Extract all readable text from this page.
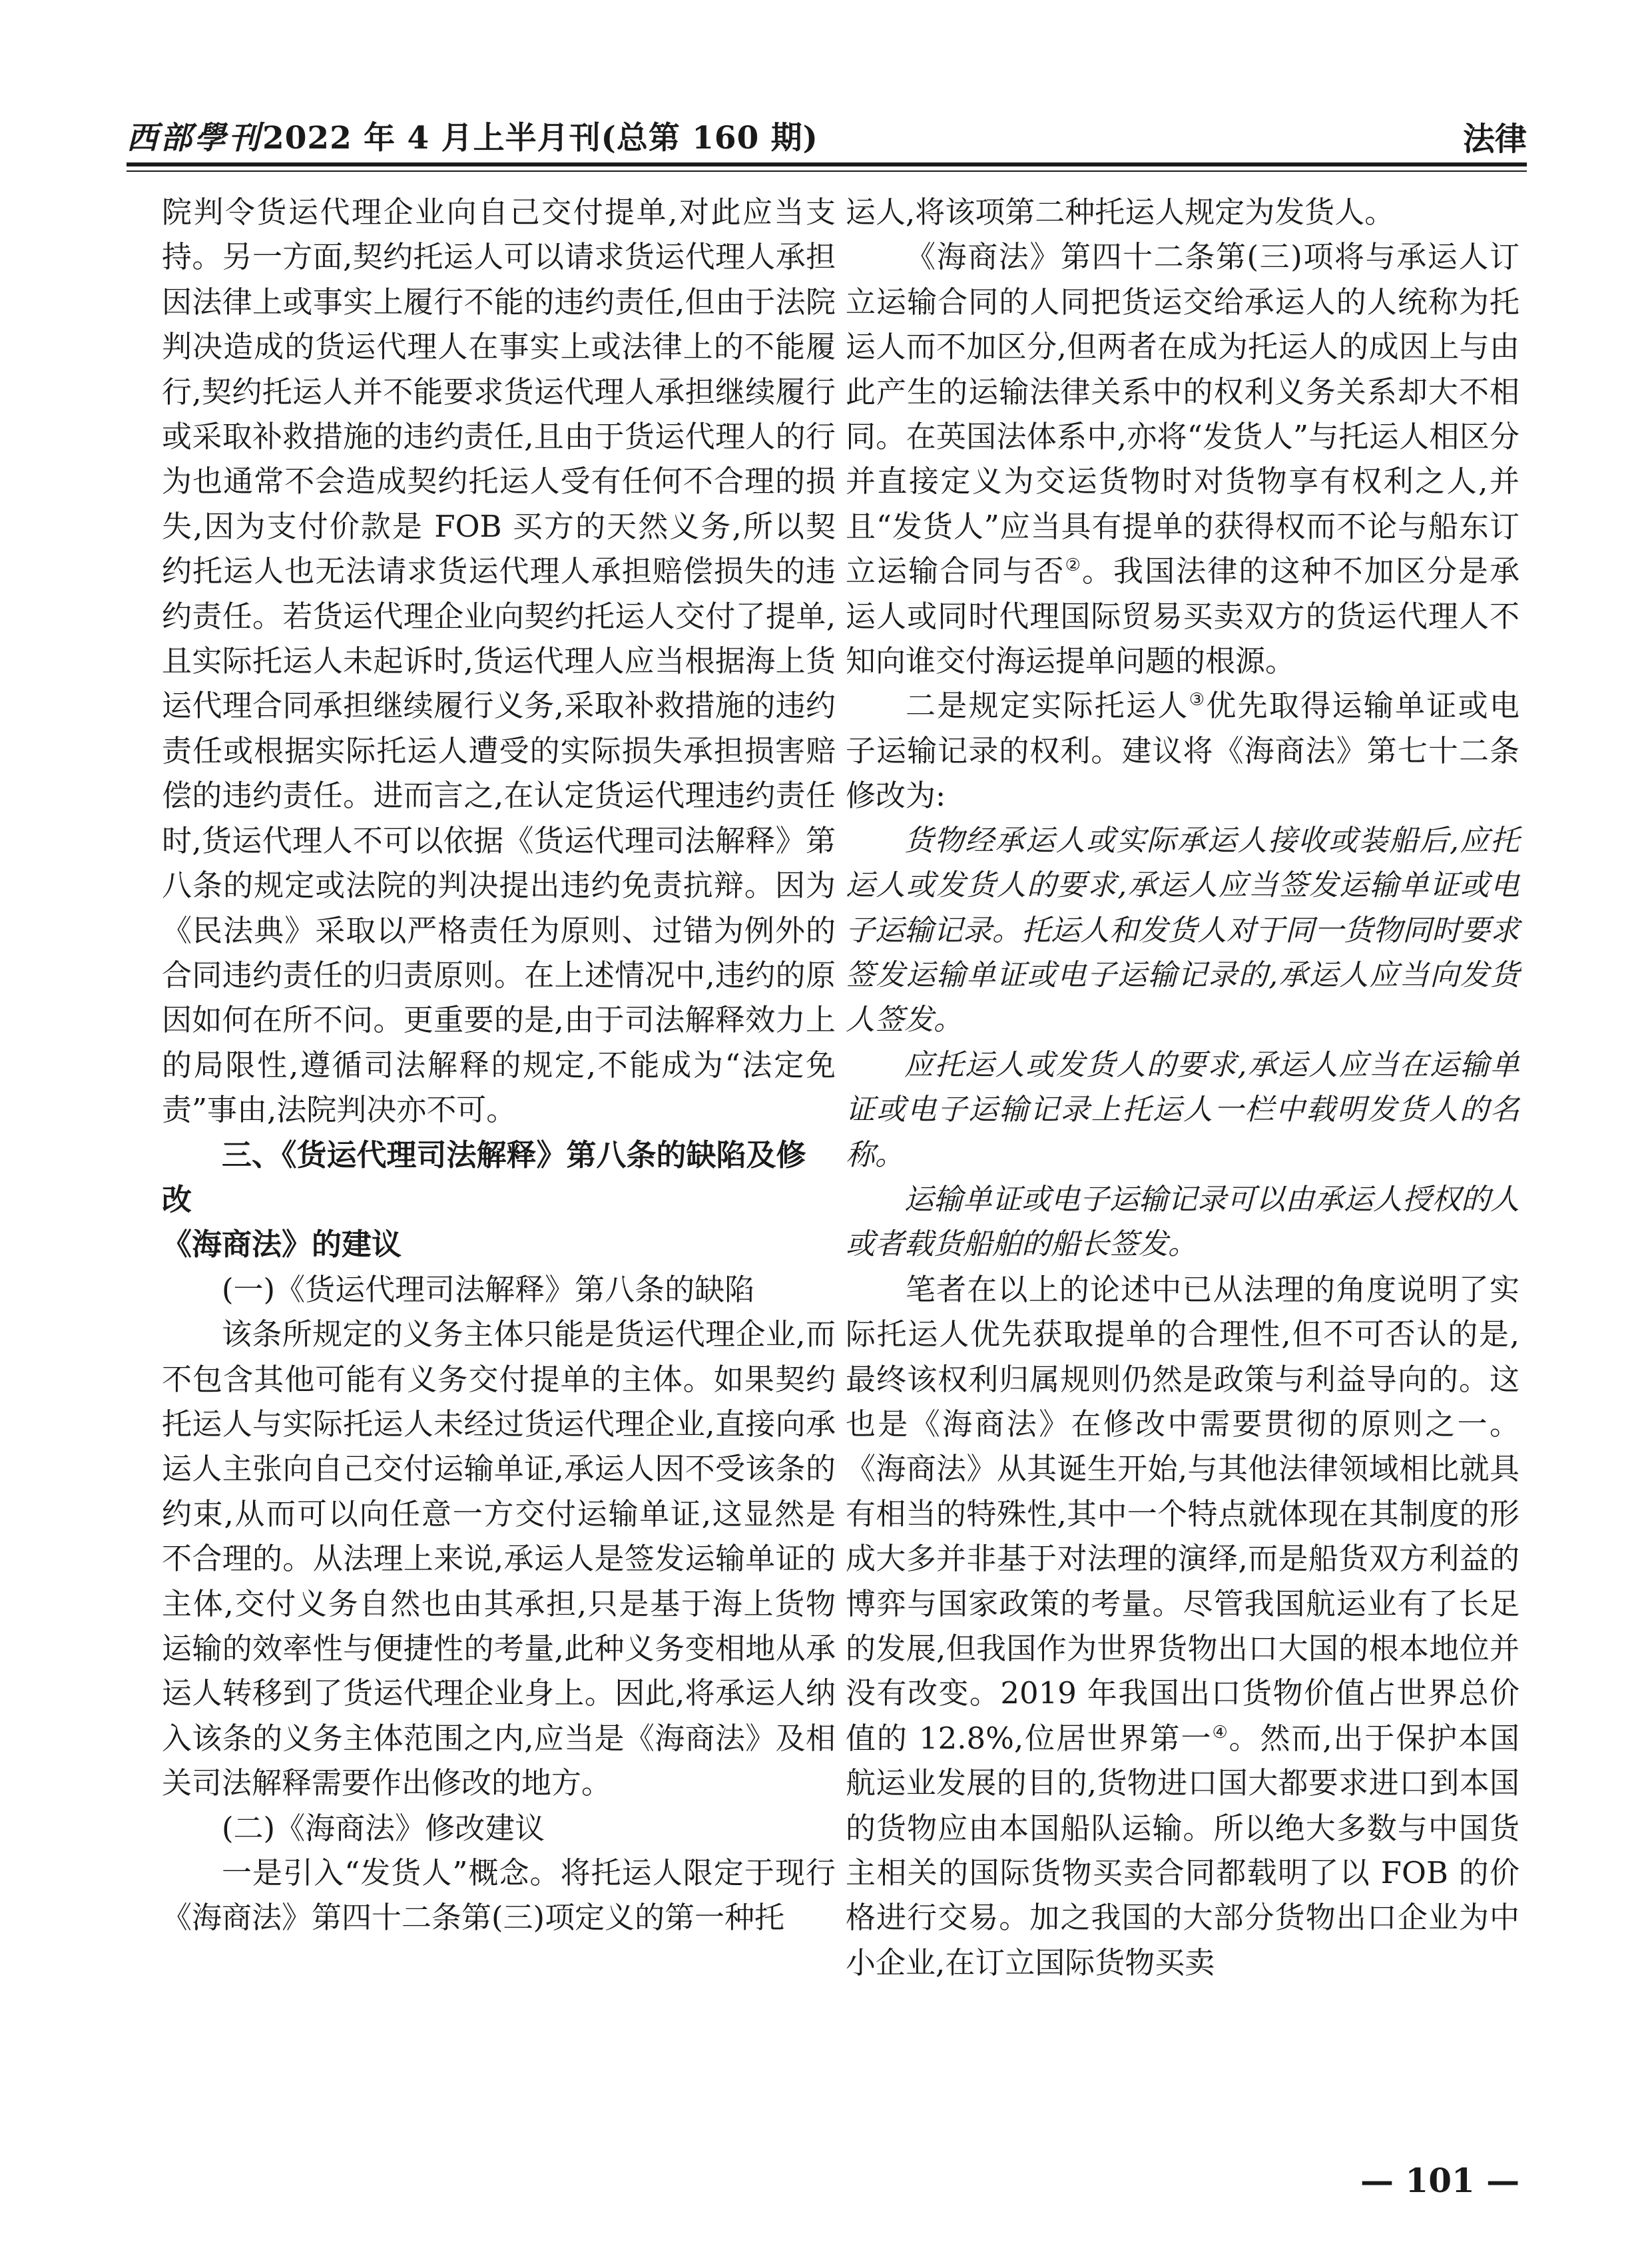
西部學刊2022 年 4 月上半月刊(总第 160 期)	法律

院判令货运代理企业向自己交付提单,对此应当支持。另一方面,契约托运人可以请求货运代理人承担因法律上或事实上履行不能的违约责任,但由于法院判决造成的货运代理人在事实上或法律上的不能履行,契约托运人并不能要求货运代理人承担继续履行或采取补救措施的违约责任,且由于货运代理人的行为也通常不会造成契约托运人受有任何不合理的损失,因为支付价款是 FOB 买方的天然义务,所以契约托运人也无法请求货运代理人承担赔偿损失的违约责任。若货运代理企业向契约托运人交付了提单,且实际托运人未起诉时,货运代理人应当根据海上货运代理合同承担继续履行义务,采取补救措施的违约责任或根据实际托运人遭受的实际损失承担损害赔偿的违约责任。进而言之,在认定货运代理违约责任时,货运代理人不可以依据《货运代理司法解释》第八条的规定或法院的判决提出违约免责抗辩。因为《民法典》采取以严格责任为原则、过错为例外的合同违约责任的归责原则。在上述情况中,违约的原因如何在所不问。更重要的是,由于司法解释效力上的局限性,遵循司法解释的规定,不能成为“法定免责”事由,法院判决亦不可。

三、《货运代理司法解释》第八条的缺陷及修改

《海商法》的建议

(一)《货运代理司法解释》第八条的缺陷

该条所规定的义务主体只能是货运代理企业,而不包含其他可能有义务交付提单的主体。如果契约托运人与实际托运人未经过货运代理企业,直接向承运人主张向自己交付运输单证,承运人因不受该条的约束,从而可以向任意一方交付运输单证,这显然是不合理的。从法理上来说,承运人是签发运输单证的主体,交付义务自然也由其承担,只是基于海上货物运输的效率性与便捷性的考量,此种义务变相地从承运人转移到了货运代理企业身上。因此,将承运人纳入该条的义务主体范围之内,应当是《海商法》及相关司法解释需要作出修改的地方。

(二)《海商法》修改建议

一是引入“发货人”概念。将托运人限定于现行《海商法》第四十二条第(三)项定义的第一种托

运人,将该项第二种托运人规定为发货人。

《海商法》第四十二条第(三)项将与承运人订立运输合同的人同把货运交给承运人的人统称为托运人而不加区分,但两者在成为托运人的成因上与由此产生的运输法律关系中的权利义务关系却大不相同。在英国法体系中,亦将“发货人”与托运人相区分并直接定义为交运货物时对货物享有权利之人,并且“发货人”应当具有提单的获得权而不论与船东订立运输合同与否②。我国法律的这种不加区分是承运人或同时代理国际贸易买卖双方的货运代理人不知向谁交付海运提单问题的根源。

二是规定实际托运人③优先取得运输单证或电子运输记录的权利。建议将《海商法》第七十二条修改为:

货物经承运人或实际承运人接收或装船后,应托运人或发货人的要求,承运人应当签发运输单证或电子运输记录。托运人和发货人对于同一货物同时要求签发运输单证或电子运输记录的,承运人应当向发货人签发。

应托运人或发货人的要求,承运人应当在运输单证或电子运输记录上托运人一栏中载明发货人的名称。

运输单证或电子运输记录可以由承运人授权的人或者载货船舶的船长签发。

笔者在以上的论述中已从法理的角度说明了实际托运人优先获取提单的合理性,但不可否认的是,最终该权利归属规则仍然是政策与利益导向的。这也是《海商法》在修改中需要贯彻的原则之一。《海商法》从其诞生开始,与其他法律领域相比就具有相当的特殊性,其中一个特点就体现在其制度的形成大多并非基于对法理的演绎,而是船货双方利益的博弈与国家政策的考量。尽管我国航运业有了长足的发展,但我国作为世界货物出口大国的根本地位并没有改变。2019 年我国出口货物价值占世界总价值的 12.8%,位居世界第一④。然而,出于保护本国航运业发展的目的,货物进口国大都要求进口到本国的货物应由本国船队运输。所以绝大多数与中国货主相关的国际货物买卖合同都载明了以 FOB 的价格进行交易。加之我国的大部分货物出口企业为中小企业,在订立国际货物买卖

— 101 —
